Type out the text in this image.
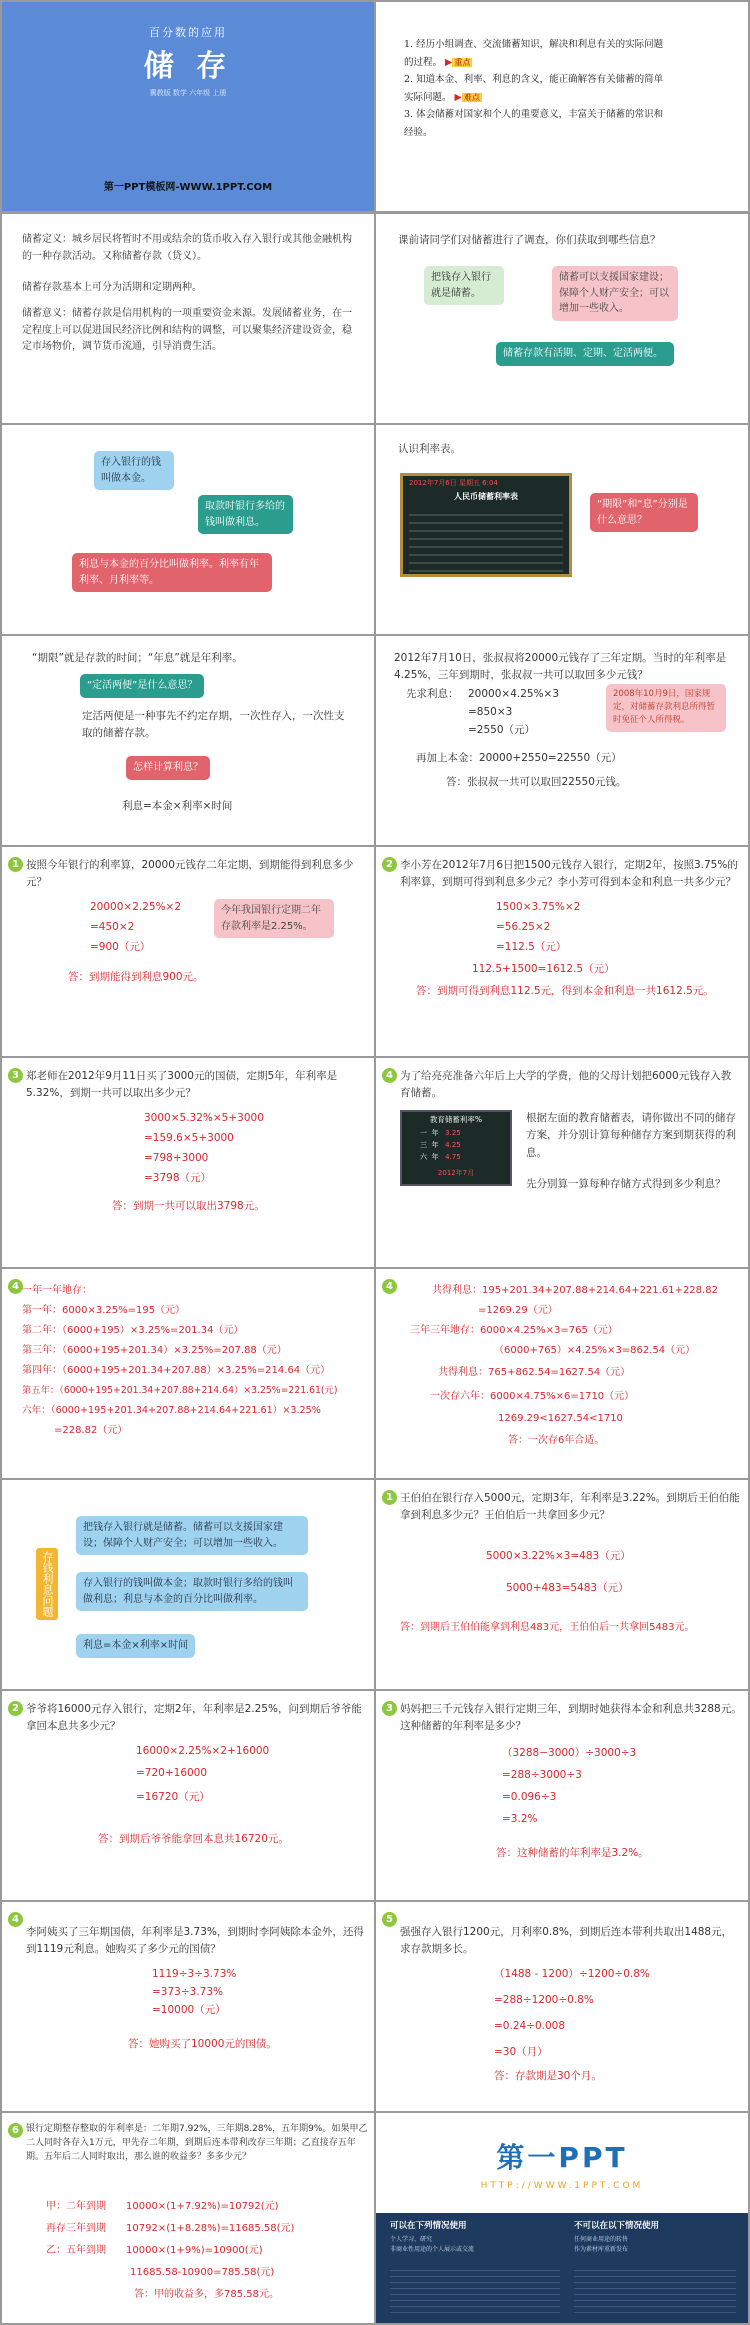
百分数的应用
储 存
冀教版 数学 六年级 上册
第一PPT模板网-WWW.1PPT.COM
1. 经历小组调查、交流储蓄知识，解决和利息有关的实际问题
的过程。 ▶ 重点
2. 知道本金、利率、利息的含义，能正确解答有关储蓄的简单
实际问题。 ▶ 难点
3. 体会储蓄对国家和个人的重要意义，丰富关于储蓄的常识和
经验。
储蓄定义：城乡居民将暂时不用或结余的货币收入存入银行或其他金融机构的一种存款活动。又称储蓄存款（贷义）。
储蓄存款基本上可分为活期和定期两种。
储蓄意义：储蓄存款是信用机构的一项重要资金来源。发展储蓄业务，在一定程度上可以促进国民经济比例和结构的调整，可以聚集经济建设资金，稳定市场物价，调节货币流通，引导消费生活。
课前请同学们对储蓄进行了调查，你们获取到哪些信息？
把钱存入银行就是储蓄。
储蓄可以支援国家建设；保障个人财产安全；可以增加一些收入。
储蓄存款有活期、定期、定活两便。
存入银行的钱叫做本金。
取款时银行多给的钱叫做利息。
利息与本金的百分比叫做利率。利率有年利率、月利率等。
认识利率表。
2012年7月6日 星期五 6:04
人民币储蓄利率表
“期限”和“息”分别是什么意思？
“期限”就是存款的时间；“年息”就是年利率。
“定活两便”是什么意思？
定活两便是一种事先不约定存期，一次性存入，一次性支取的储蓄存款。
怎样计算利息？
利息=本金×利率×时间
2012年7月10日，张叔叔将20000元钱存了三年定期。当时的年利率是4.25%，三年到期时，张叔叔一共可以取回多少元钱？
先求利息： 20000×4.25%×3
=850×3
=2550（元）
2008年10月9日，国家规定，对储蓄存款利息所得暂时免征个人所得税。
再加上本金：20000+2550=22550（元）
答：张叔叔一共可以取回22550元钱。
1 按照今年银行的利率算，20000元钱存二年定期，到期能得到利息多少元？
20000×2.25%×2
=450×2
=900（元）
今年我国银行定期二年存款利率是2.25%。
答：到期能得到利息900元。
2 李小芳在2012年7月6日把1500元钱存入银行，定期2年，按照3.75%的利率算，到期可得到利息多少元？李小芳可得到本金和利息一共多少元？
1500×3.75%×2
=56.25×2
=112.5（元）
112.5+1500=1612.5（元）
答：到期可得到利息112.5元，得到本金和利息一共1612.5元。
3 郑老师在2012年9月11日买了3000元的国债，定期5年，年利率是5.32%，到期一共可以取出多少元？
3000×5.32%×5+3000
=159.6×5+3000
=798+3000
=3798（元）
答：到期一共可以取出3798元。
4 为了给亮亮准备六年后上大学的学费，他的父母计划把6000元钱存入教育储蓄。
教育储蓄利率%
一 年 3.25
三 年 4.25
六 年 4.75
2012年7月
根据左面的教育储蓄表，请你做出不同的储存方案，并分别计算每种储存方案到期获得的利息。
先分别算一算每种存储方式得到多少利息？
4 一年一年地存：
第一年：6000×3.25%=195（元）
第二年：（6000+195）×3.25%=201.34（元）
第三年：（6000+195+201.34）×3.25%=207.88（元）
第四年：（6000+195+201.34+207.88）×3.25%=214.64（元）
第五年：（6000+195+201.34+207.88+214.64）×3.25%=221.61(元)
六年：（6000+195+201.34+207.88+214.64+221.61）×3.25%
=228.82（元）
4	共得利息：195+201.34+207.88+214.64+221.61+228.82
=1269.29（元）
三年三年地存：6000×4.25%×3=765（元）
（6000+765）×4.25%×3=862.54（元）
共得利息：765+862.54=1627.54（元）
一次存六年：6000×4.75%×6=1710（元）
1269.29<1627.54<1710
答：一次存6年合适。
存钱利息问题
把钱存入银行就是储蓄。储蓄可以支援国家建设；保障个人财产安全；可以增加一些收入。
存入银行的钱叫做本金；取款时银行多给的钱叫做利息；利息与本金的百分比叫做利率。
利息=本金×利率×时间
1 王伯伯在银行存入5000元，定期3年，年利率是3.22%。到期后王伯伯能拿到利息多少元？王伯伯后一共拿回多少元？
5000×3.22%×3=483（元）
5000+483=5483（元）
答：到期后王伯伯能拿到利息483元，王伯伯后一共拿回5483元。
2 爷爷将16000元存入银行，定期2年，年利率是2.25%，问到期后爷爷能拿回本息共多少元？
16000×2.25%×2+16000
=720+16000
=16720（元）
答：到期后爷爷能拿回本息共16720元。
3 妈妈把三千元钱存入银行定期三年，到期时她获得本金和利息共3288元。这种储蓄的年利率是多少？
（3288−3000）÷3000÷3
=288÷3000÷3
=0.096÷3
=3.2%
答：这种储蓄的年利率是3.2%。
4
李阿姨买了三年期国债，年利率是3.73%，到期时李阿姨除本金外，还得到1119元利息。她购买了多少元的国债？
1119÷3÷3.73%
=373÷3.73%
=10000（元）
答：她购买了10000元的国债。
5
强强存入银行1200元，月利率0.8%，到期后连本带利共取出1488元，求存款期多长。
（1488 - 1200）÷1200÷0.8%
=288÷1200÷0.8%
=0.24÷0.008
=30（月）
答：存款期是30个月。
6 银行定期整存整取的年利率是：二年期7.92%，三年期8.28%，五年期9%。如果甲乙二人同时各存入1万元，甲先存二年期，到期后连本带利改存三年期；乙直接存五年期。五年后二人同时取出，那么谁的收益多？多多少元？
甲：二年到期 10000×(1+7.92%)=10792(元)
再存三年到期 10792×(1+8.28%)=11685.58(元)
乙：五年到期 10000×(1+9%)=10900(元)
11685.58-10900=785.58(元)
答：甲的收益多，多785.58元。
第一PPT
HTTP://WWW.1PPT.COM
可以在下列情况使用
个人学习、研究
非商业性用途的个人展示或交流
不可以在以下情况使用
任何商业用途的转售
作为素材库重新发布
